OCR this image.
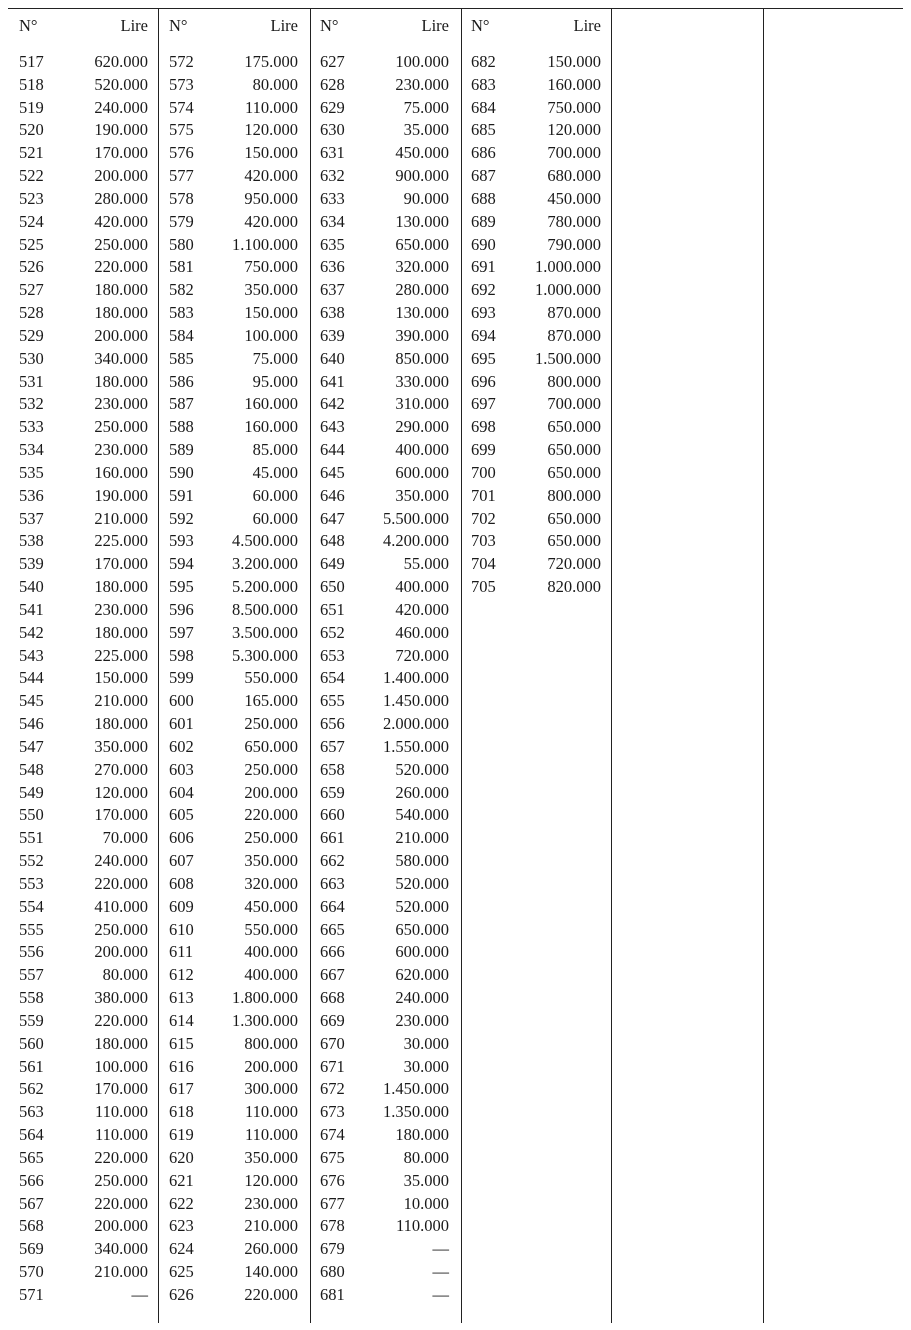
N°	Lire
517	620.000
518	520.000
519	240.000
520	190.000
521	170.000
522	200.000
523	280.000
524	420.000
525	250.000
526	220.000
527	180.000
528	180.000
529	200.000
530	340.000
531	180.000
532	230.000
533	250.000
534	230.000
535	160.000
536	190.000
537	210.000
538	225.000
539	170.000
540	180.000
541	230.000
542	180.000
543	225.000
544	150.000
545	210.000
546	180.000
547	350.000
548	270.000
549	120.000
550	170.000
551	70.000
552	240.000
553	220.000
554	410.000
555	250.000
556	200.000
557	80.000
558	380.000
559	220.000
560	180.000
561	100.000
562	170.000
563	110.000
564	110.000
565	220.000
566	250.000
567	220.000
568	200.000
569	340.000
570	210.000
571	—
N°	Lire
572	175.000
573	80.000
574	110.000
575	120.000
576	150.000
577	420.000
578	950.000
579	420.000
580 1.100.000
581	750.000
582	350.000
583	150.000
584	100.000
585	75.000
586	95.000
587	160.000
588	160.000
589	85.000
590	45.000
591	60.000
592	60.000
593 4.500.000
594 3.200.000
595 5.200.000
596 8.500.000
597 3.500.000
598 5.300.000
599	550.000
600	165.000
601	250.000
602	650.000
603	250.000
604	200.000
605	220.000
606	250.000
607	350.000
608	320.000
609	450.000
610	550.000
611	400.000
612	400.000
613 1.800.000
614 1.300.000
615	800.000
616	200.000
617	300.000
618	110.000
619	110.000
620	350.000
621	120.000
622	230.000
623	210.000
624	260.000
625	140.000
626	220.000
N°	Lire
627	100.000
628	230.000
629	75.000
630	35.000
631	450.000
632	900.000
633	90.000
634	130.000
635	650.000
636	320.000
637	280.000
638	130.000
639	390.000
640	850.000
641	330.000
642	310.000
643	290.000
644	400.000
645	600.000
646	350.000
647 5.500.000
648 4.200.000
649	55.000
650	400.000
651	420.000
652	460.000
653	720.000
654 1.400.000
655 1.450.000
656 2.000.000
657 1.550.000
658	520.000
659	260.000
660	540.000
661	210.000
662	580.000
663	520.000
664	520.000
665	650.000
666	600.000
667	620.000
668	240.000
669	230.000
670	30.000
671	30.000
672 1.450.000
673 1.350.000
674	180.000
675	80.000
676	35.000
677	10.000
678	110.000
679	—
680	—
681	—
N°	Lire
682	150.000
683	160.000
684	750.000
685	120.000
686	700.000
687	680.000
688	450.000
689	780.000
690	790.000
691 1.000.000
692 1.000.000
693	870.000
694	870.000
695 1.500.000
696	800.000
697	700.000
698	650.000
699	650.000
700	650.000
701	800.000
702	650.000
703	650.000
704	720.000
705	820.000
